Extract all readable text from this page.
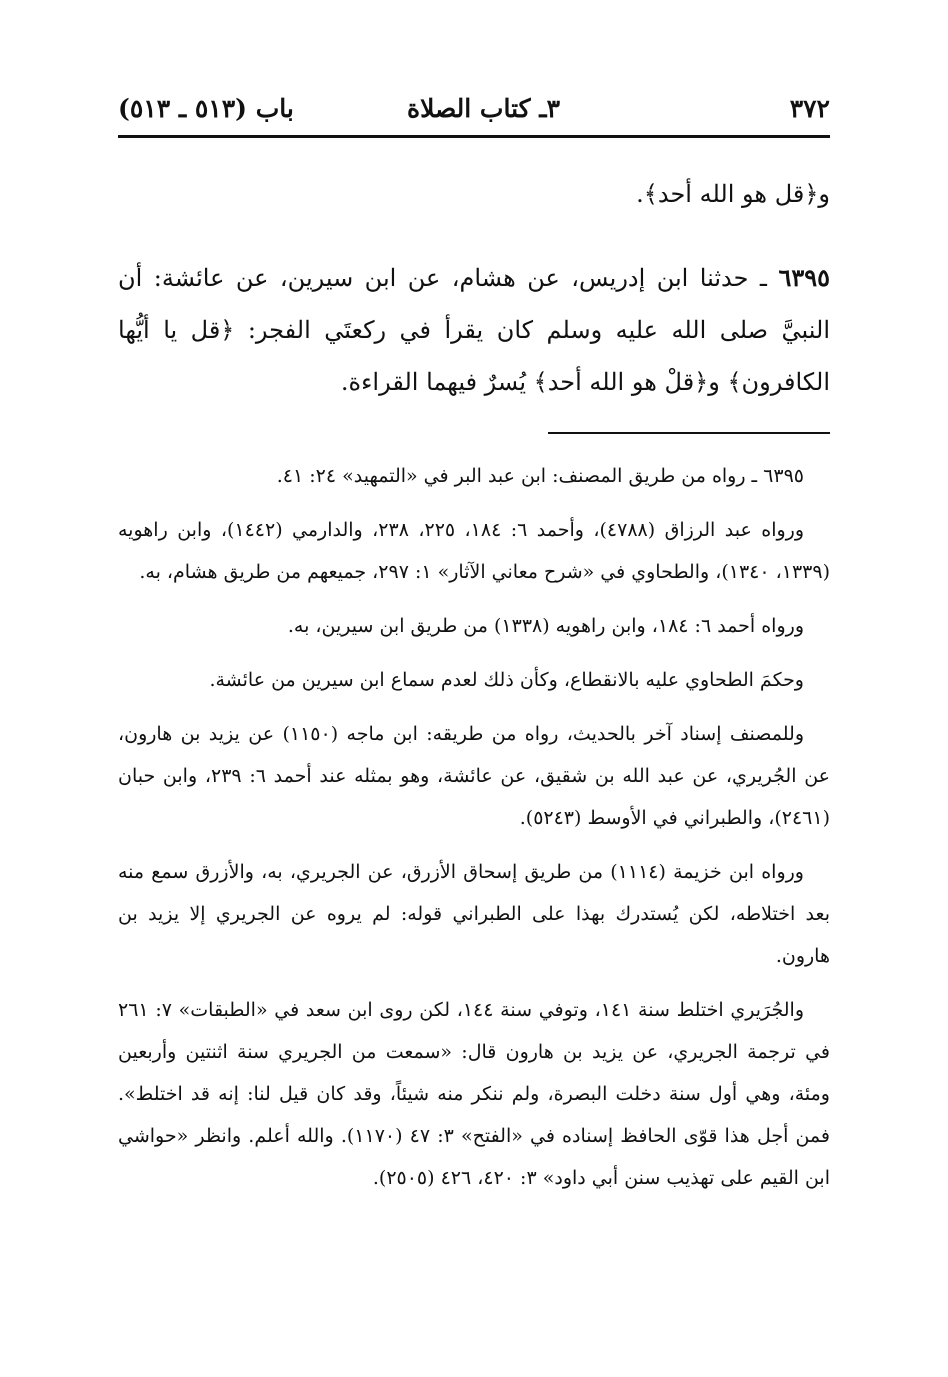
٣٧٢
٣ـ كتاب الصلاة
باب (٥١٣ ـ ٥١٣)

و﴿قل هو الله أحد﴾.

٦٣٩٥ ـ حدثنا ابن إدريس، عن هشام، عن ابن سيرين، عن عائشة: أن النبيَّ صلى الله عليه وسلم كان يقرأ في ركعتَي الفجر: ﴿قل يا أيُّها الكافرون﴾ و﴿قلْ هو الله أحد﴾ يُسرٌ فيهما القراءة.

٦٣٩٥ ـ رواه من طريق المصنف: ابن عبد البر في «التمهيد» ٢٤: ٤١.

ورواه عبد الرزاق (٤٧٨٨)، وأحمد ٦: ١٨٤، ٢٢٥، ٢٣٨، والدارمي (١٤٤٢)، وابن راهويه (١٣٣٩، ١٣٤٠)، والطحاوي في «شرح معاني الآثار» ١: ٢٩٧، جميعهم من طريق هشام، به.

ورواه أحمد ٦: ١٨٤، وابن راهويه (١٣٣٨) من طريق ابن سيرين، به.

وحكمَ الطحاوي عليه بالانقطاع، وكأن ذلك لعدم سماع ابن سيرين من عائشة.

وللمصنف إسناد آخر بالحديث، رواه من طريقه: ابن ماجه (١١٥٠) عن يزيد بن هارون، عن الجُريري، عن عبد الله بن شقيق، عن عائشة، وهو بمثله عند أحمد ٦: ٢٣٩، وابن حبان (٢٤٦١)، والطبراني في الأوسط (٥٢٤٣).

ورواه ابن خزيمة (١١١٤) من طريق إسحاق الأزرق، عن الجريري، به، والأزرق سمع منه بعد اختلاطه، لكن يُستدرك بهذا على الطبراني قوله: لم يروه عن الجريري إلا يزيد بن هارون.

والجُرَيري اختلط سنة ١٤١، وتوفي سنة ١٤٤، لكن روى ابن سعد في «الطبقات» ٧: ٢٦١ في ترجمة الجريري، عن يزيد بن هارون قال: «سمعت من الجريري سنة اثنتين وأربعين ومئة، وهي أول سنة دخلت البصرة، ولم ننكر منه شيئاً، وقد كان قيل لنا: إنه قد اختلط». فمن أجل هذا قوّى الحافظ إسناده في «الفتح» ٣: ٤٧ (١١٧٠). والله أعلم. وانظر «حواشي ابن القيم على تهذيب سنن أبي داود» ٣: ٤٢٠، ٤٢٦ (٢٥٠٥).
